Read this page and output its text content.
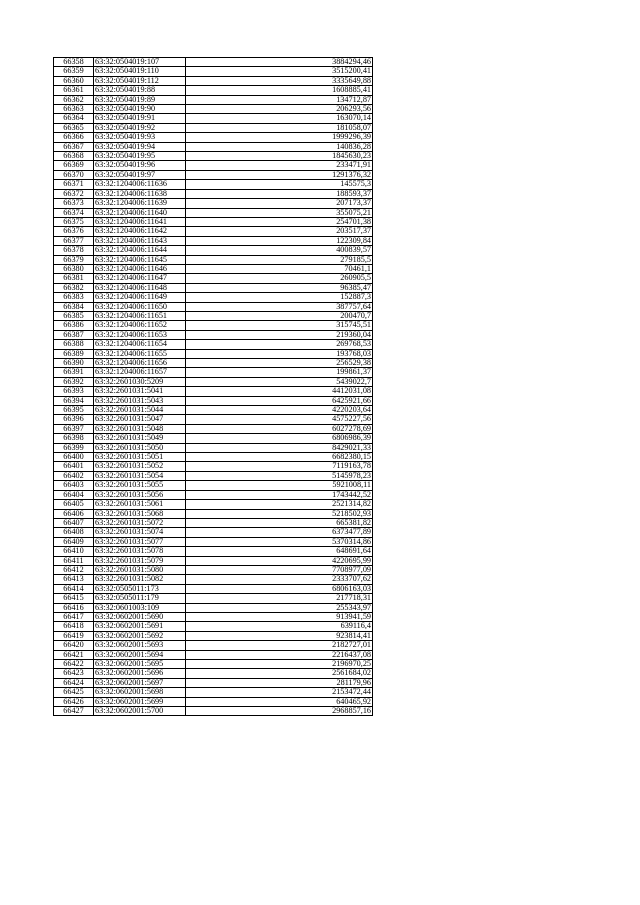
66358	63:32:0504019:107	3884294,46
66359	63:32:0504019:110	3515200,41
66360	63:32:0504019:112	3335649,88
66361	63:32:0504019:88	1608885,41
66362	63:32:0504019:89	134712,87
66363	63:32:0504019:90	206293,56
66364	63:32:0504019:91	163070,14
66365	63:32:0504019:92	181058,07
66366	63:32:0504019:93	1999296,39
66367	63:32:0504019:94	140836,28
66368	63:32:0504019:95	1845630,23
66369	63:32:0504019:96	233471,91
66370	63:32:0504019:97	1291376,32
66371	63:32:1204006:11636	145575,3
66372	63:32:1204006:11638	188593,37
66373	63:32:1204006:11639	207173,37
66374	63:32:1204006:11640	355075,21
66375	63:32:1204006:11641	254701,38
66376	63:32:1204006:11642	203517,37
66377	63:32:1204006:11643	122309,84
66378	63:32:1204006:11644	400839,57
66379	63:32:1204006:11645	279185,5
66380	63:32:1204006:11646	70461,1
66381	63:32:1204006:11647	260905,5
66382	63:32:1204006:11648	96385,47
66383	63:32:1204006:11649	152887,3
66384	63:32:1204006:11650	387757,64
66385	63:32:1204006:11651	200470,7
66386	63:32:1204006:11652	315745,51
66387	63:32:1204006:11653	219360,04
66388	63:32:1204006:11654	269768,53
66389	63:32:1204006:11655	193768,03
66390	63:32:1204006:11656	256529,38
66391	63:32:1204006:11657	199861,37
66392	63:32:2601030:5209	5439022,7
66393	63:32:2601031:5041	4412031,08
66394	63:32:2601031:5043	6425921,66
66395	63:32:2601031:5044	4220203,64
66396	63:32:2601031:5047	4575227,56
66397	63:32:2601031:5048	6027278,69
66398	63:32:2601031:5049	6806986,39
66399	63:32:2601031:5050	8429021,33
66400	63:32:2601031:5051	6682380,15
66401	63:32:2601031:5052	7119163,78
66402	63:32:2601031:5054	5145978,23
66403	63:32:2601031:5055	5921008,11
66404	63:32:2601031:5056	1743442,52
66405	63:32:2601031:5061	2521314,82
66406	63:32:2601031:5068	5218502,93
66407	63:32:2601031:5072	665381,82
66408	63:32:2601031:5074	6373477,89
66409	63:32:2601031:5077	5370314,86
66410	63:32:2601031:5078	648691,64
66411	63:32:2601031:5079	4220695,99
66412	63:32:2601031:5080	7708977,09
66413	63:32:2601031:5082	2333707,62
66414	63:32:0505011:173	6806163,03
66415	63:32:0505011:179	217718,31
66416	63:32:0601003:109	255343,97
66417	63:32:0602001:5690	913941,59
66418	63:32:0602001:5691	639116,4
66419	63:32:0602001:5692	923814,41
66420	63:32:0602001:5693	2182727,01
66421	63:32:0602001:5694	2216437,08
66422	63:32:0602001:5695	2196970,25
66423	63:32:0602001:5696	2561684,02
66424	63:32:0602001:5697	281179,96
66425	63:32:0602001:5698	2153472,44
66426	63:32:0602001:5699	640465,92
66427	63:32:0602001:5700	2968857,16
